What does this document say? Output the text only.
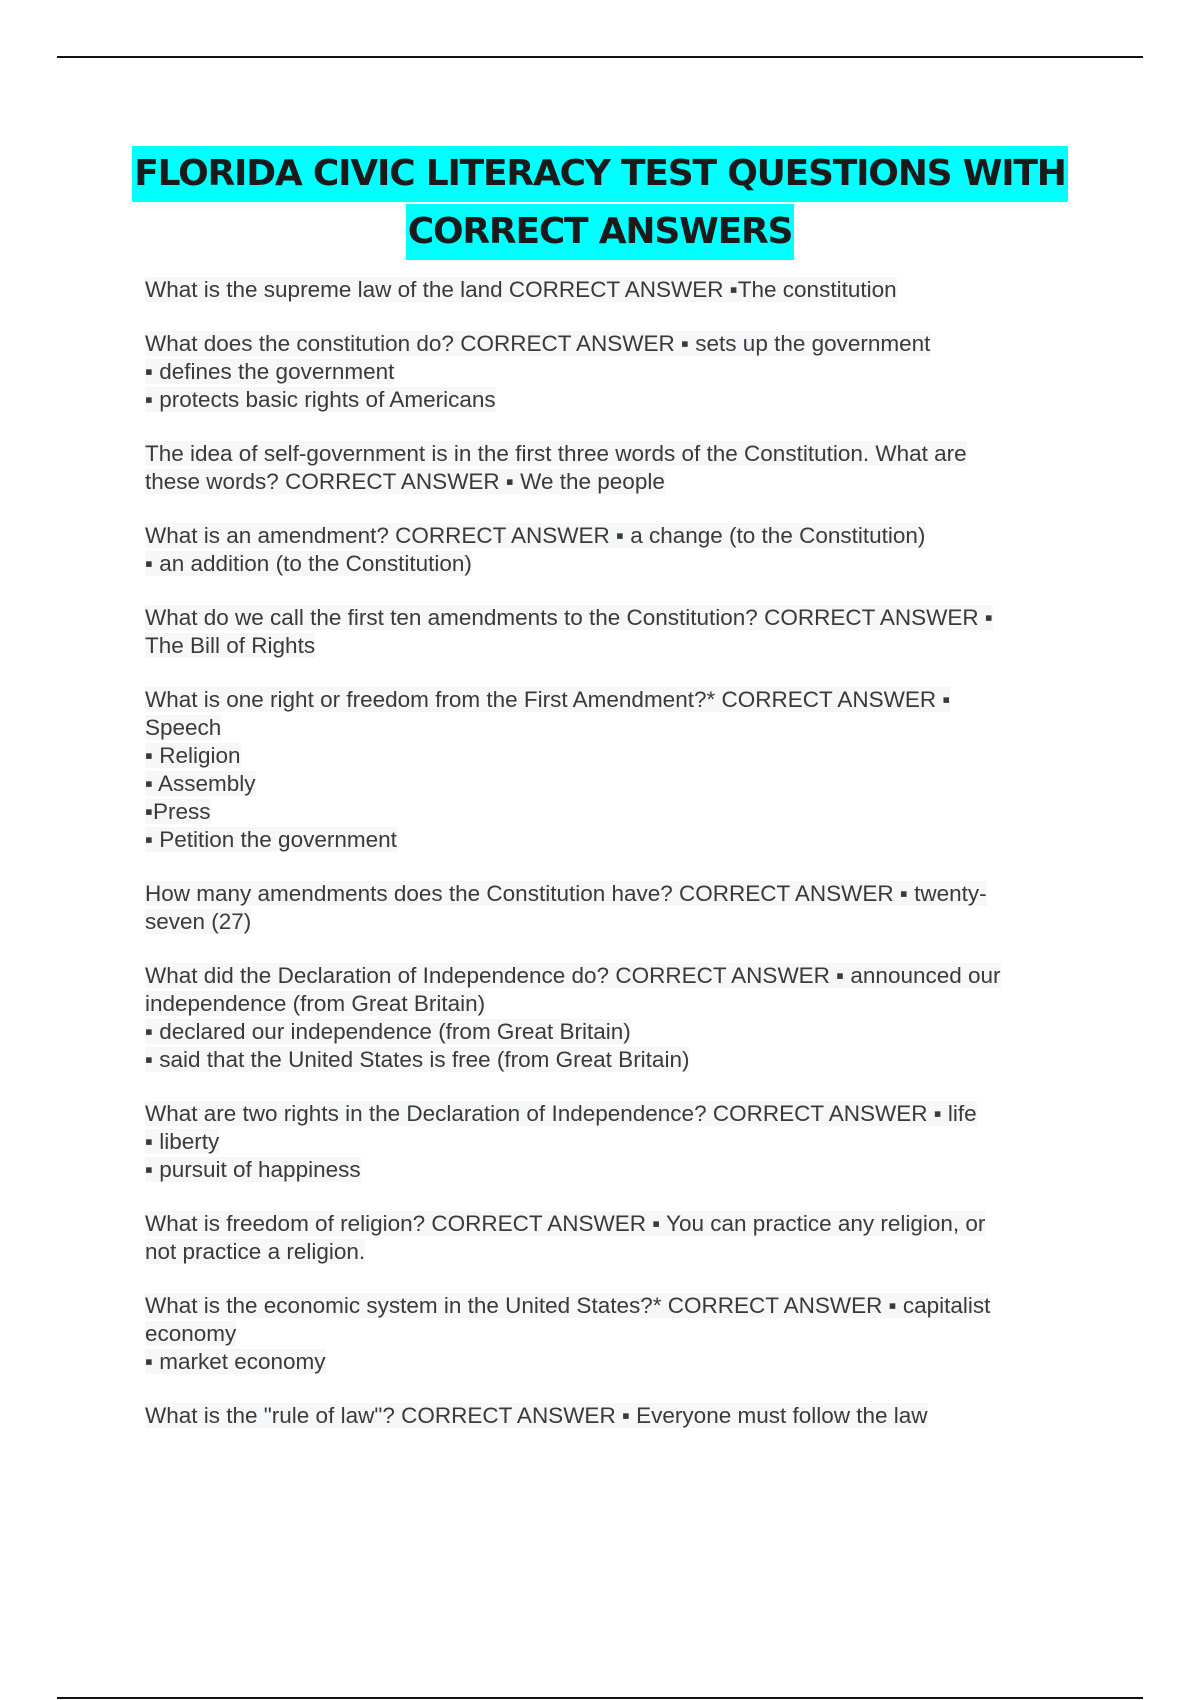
FLORIDA CIVIC LITERACY TEST QUESTIONS WITH
CORRECT ANSWERS
What is the supreme law of the land CORRECT ANSWER ▪The constitution
What does the constitution do? CORRECT ANSWER ▪ sets up the government
▪ defines the government
▪ protects basic rights of Americans
The idea of self-government is in the first three words of the Constitution. What are
these words? CORRECT ANSWER ▪ We the people
What is an amendment? CORRECT ANSWER ▪ a change (to the Constitution)
▪ an addition (to the Constitution)
What do we call the first ten amendments to the Constitution? CORRECT ANSWER ▪
The Bill of Rights
What is one right or freedom from the First Amendment?* CORRECT ANSWER ▪
Speech
▪ Religion
▪ Assembly
▪Press
▪ Petition the government
How many amendments does the Constitution have? CORRECT ANSWER ▪ twenty-
seven (27)
What did the Declaration of Independence do? CORRECT ANSWER ▪ announced our
independence (from Great Britain)
▪ declared our independence (from Great Britain)
▪ said that the United States is free (from Great Britain)
What are two rights in the Declaration of Independence? CORRECT ANSWER ▪ life
▪ liberty
▪ pursuit of happiness
What is freedom of religion? CORRECT ANSWER ▪ You can practice any religion, or
not practice a religion.
What is the economic system in the United States?* CORRECT ANSWER ▪ capitalist
economy
▪ market economy
What is the "rule of law"? CORRECT ANSWER ▪ Everyone must follow the law
